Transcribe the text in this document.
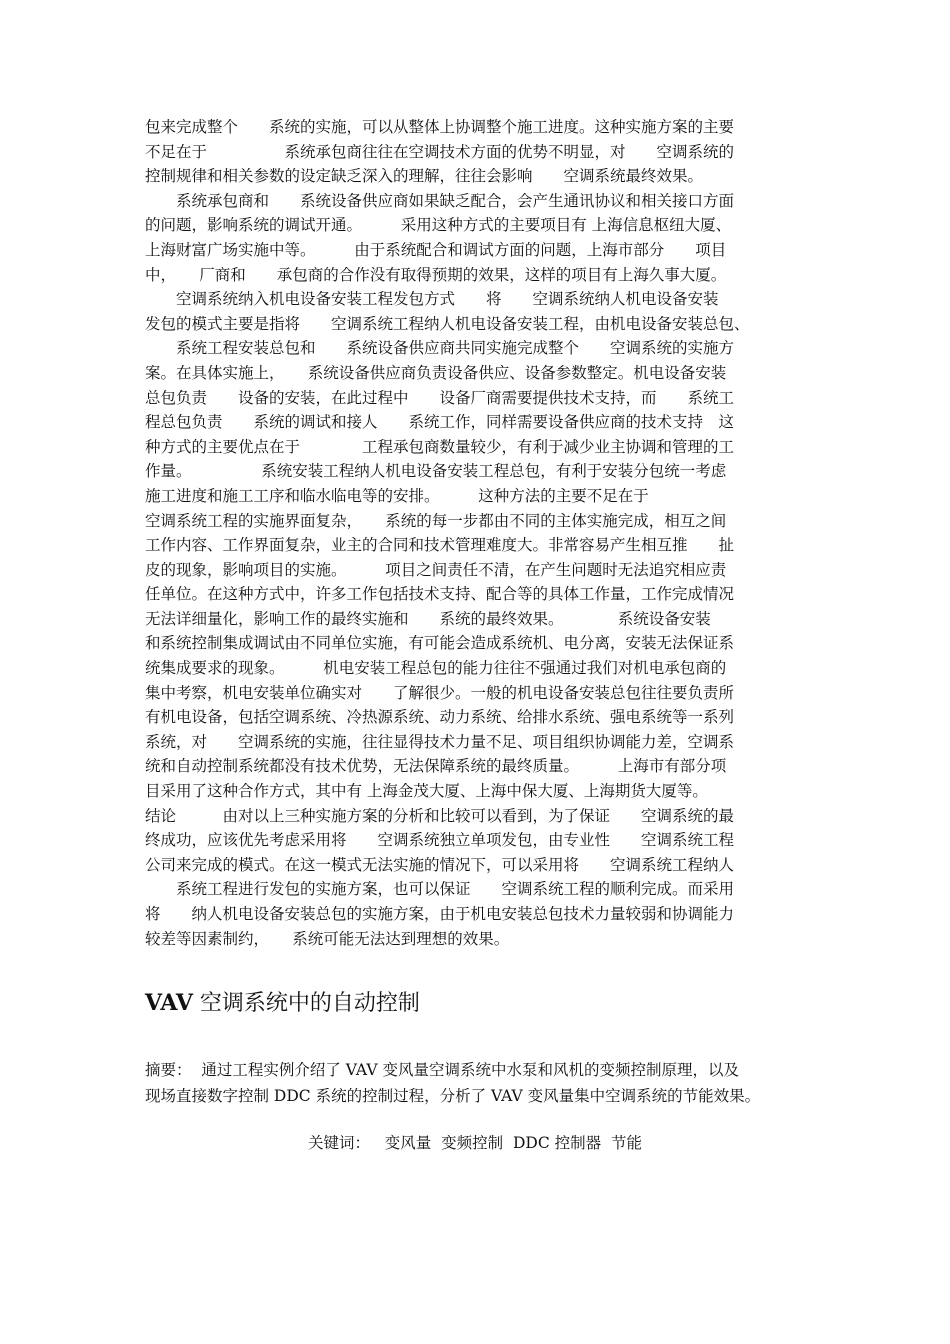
包来完成整个　　系统的实施，可以从整体上协调整个施工进度。这种实施方案的主要
不足在于　　　　　系统承包商往往在空调技术方面的优势不明显，对　　空调系统的
控制规律和相关参数的设定缺乏深入的理解，往往会影响　　空调系统最终效果。
　　系统承包商和　　系统设备供应商如果缺乏配合，会产生通讯协议和相关接口方面
的问题，影响系统的调试开通。　　　采用这种方式的主要项目有 上海信息枢纽大厦、
上海财富广场实施中等。　　　由于系统配合和调试方面的问题，上海市部分　　项目
中，　　厂商和　　承包商的合作没有取得预期的效果，这样的项目有上海久事大厦。
　　空调系统纳入机电设备安装工程发包方式　　将　　空调系统纳人机电设备安装
发包的模式主要是指将　　空调系统工程纳人机电设备安装工程，由机电设备安装总包、
　　系统工程安装总包和　　系统设备供应商共同实施完成整个　　空调系统的实施方
案。在具体实施上，　　系统设备供应商负责设备供应、设备参数整定。机电设备安装
总包负责　　设备的安装，在此过程中　　设备厂商需要提供技术支持，而　　系统工
程总包负责　　系统的调试和接人　　系统工作，同样需要设备供应商的技术支持　这
种方式的主要优点在于　　　　工程承包商数量较少，有利于减少业主协调和管理的工
作量。　　　　　系统安装工程纳人机电设备安装工程总包，有利于安装分包统一考虑
施工进度和施工工序和临水临电等的安排。　　　这种方法的主要不足在于
空调系统工程的实施界面复杂，　　系统的每一步都由不同的主体实施完成，相互之间
工作内容、工作界面复杂，业主的合同和技术管理难度大。非常容易产生相互推　　扯
皮的现象，影响项目的实施。　　　项目之间责任不清，在产生问题时无法追究相应责
任单位。在这种方式中，许多工作包括技术支持、配合等的具体工作量，工作完成情况
无法详细量化，影响工作的最终实施和　　系统的最终效果。　　　　系统设备安装
和系统控制集成调试由不同单位实施，有可能会造成系统机、电分离，安装无法保证系
统集成要求的现象。　　　机电安装工程总包的能力往往不强通过我们对机电承包商的
集中考察，机电安装单位确实对　　了解很少。一般的机电设备安装总包往往要负责所
有机电设备，包括空调系统、冷热源系统、动力系统、给排水系统、强电系统等一系列
系统，对　　空调系统的实施，往往显得技术力量不足、项目组织协调能力差，空调系
统和自动控制系统都没有技术优势，无法保障系统的最终质量。　　　上海市有部分项
目采用了这种合作方式，其中有 上海金茂大厦、上海中保大厦、上海期货大厦等。
结论　　　由对以上三种实施方案的分析和比较可以看到，为了保证　　空调系统的最
终成功，应该优先考虑采用将　　空调系统独立单项发包，由专业性　　空调系统工程
公司来完成的模式。在这一模式无法实施的情况下，可以采用将　　空调系统工程纳人
　　系统工程进行发包的实施方案，也可以保证　　空调系统工程的顺利完成。而采用
将　　纳人机电设备安装总包的实施方案，由于机电安装总包技术力量较弱和协调能力
较差等因素制约，　　系统可能无法达到理想的效果。
VAV 空调系统中的自动控制
摘要：  通过工程实例介绍了 VAV 变风量空调系统中水泵和风机的变频控制原理，以及
现场直接数字控制 DDC 系统的控制过程，分析了 VAV 变风量集中空调系统的节能效果。

关键词：   变风量  变频控制  DDC 控制器  节能
